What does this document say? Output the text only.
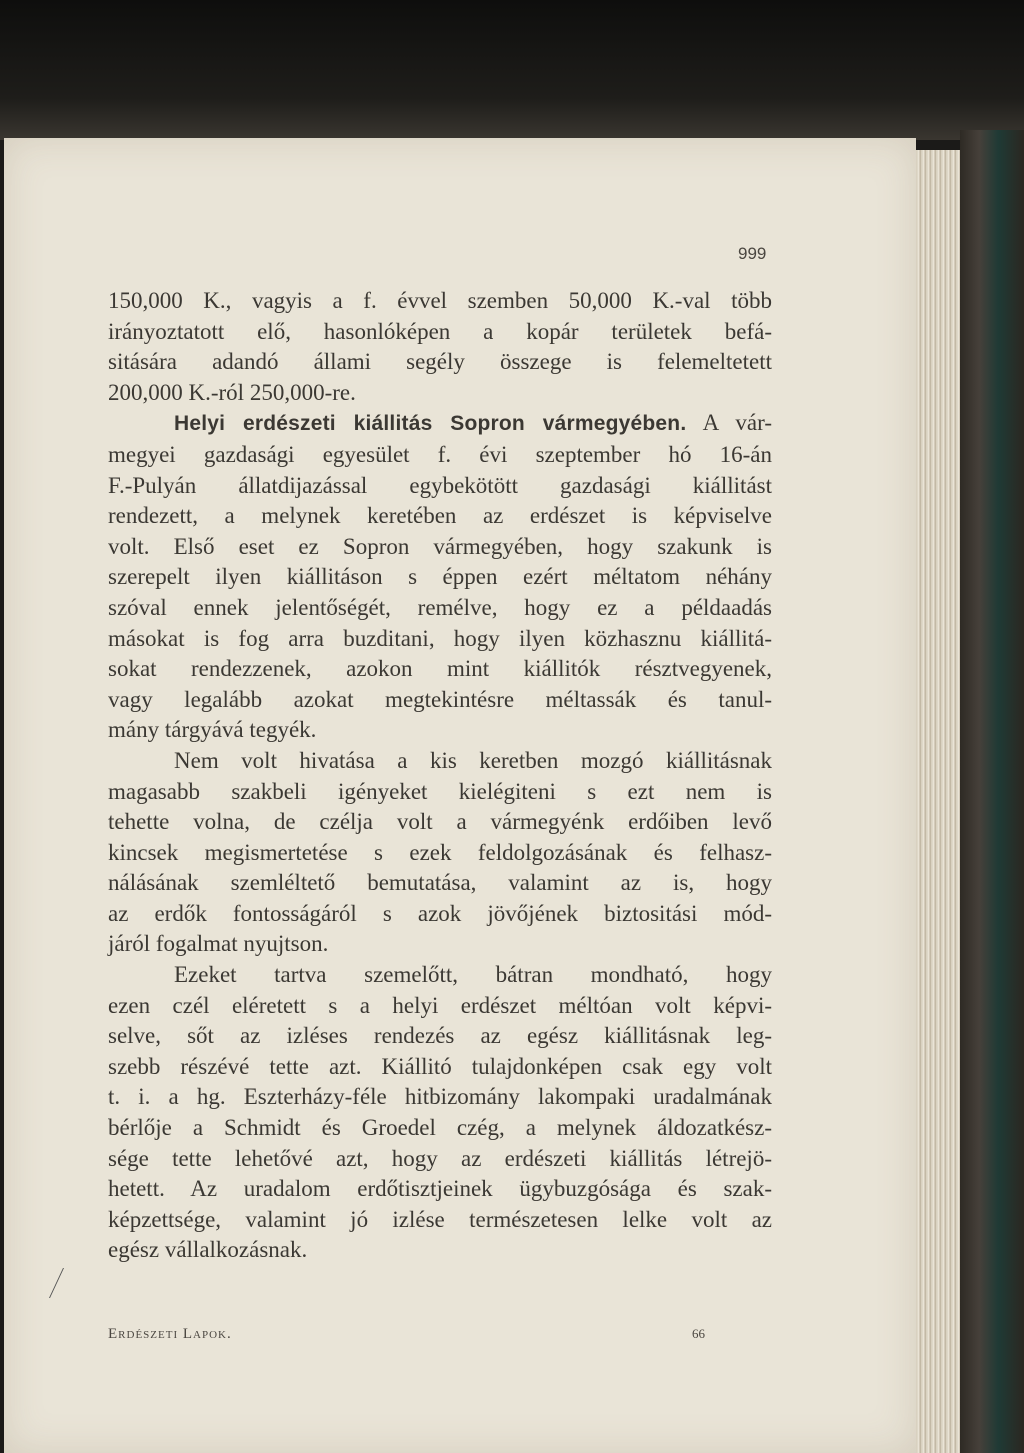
999
150,000 K., vagyis a f. évvel szemben 50,000 K.-val több
irányoztatott elő, hasonlóképen a kopár területek befá-
sitására adandó állami segély összege is felemeltetett
200,000 K.-ról 250,000-re.
Helyi erdészeti kiállitás Sopron vármegyében. A vár-
megyei gazdasági egyesület f. évi szeptember hó 16-án
F.-Pulyán állatdijazással egybekötött gazdasági kiállitást
rendezett, a melynek keretében az erdészet is képviselve
volt. Első eset ez Sopron vármegyében, hogy szakunk is
szerepelt ilyen kiállitáson s éppen ezért méltatom néhány
szóval ennek jelentőségét, remélve, hogy ez a példaadás
másokat is fog arra buzditani, hogy ilyen közhasznu kiállitá-
sokat rendezzenek, azokon mint kiállitók résztvegyenek,
vagy legalább azokat megtekintésre méltassák és tanul-
mány tárgyává tegyék.
Nem volt hivatása a kis keretben mozgó kiállitásnak
magasabb szakbeli igényeket kielégiteni s ezt nem is
tehette volna, de czélja volt a vármegyénk erdőiben levő
kincsek megismertetése s ezek feldolgozásának és felhasz-
nálásának szemléltető bemutatása, valamint az is, hogy
az erdők fontosságáról s azok jövőjének biztositási mód-
járól fogalmat nyujtson.
Ezeket tartva szemelőtt, bátran mondható, hogy
ezen czél eléretett s a helyi erdészet méltóan volt képvi-
selve, sőt az izléses rendezés az egész kiállitásnak leg-
szebb részévé tette azt. Kiállitó tulajdonképen csak egy volt
t. i. a hg. Eszterházy-féle hitbizomány lakompaki uradalmának
bérlője a Schmidt és Groedel czég, a melynek áldozatkész-
sége tette lehetővé azt, hogy az erdészeti kiállitás létrejö-
hetett. Az uradalom erdőtisztjeinek ügybuzgósága és szak-
képzettsége, valamint jó izlése természetesen lelke volt az
egész vállalkozásnak.
Erdészeti Lapok.	66
